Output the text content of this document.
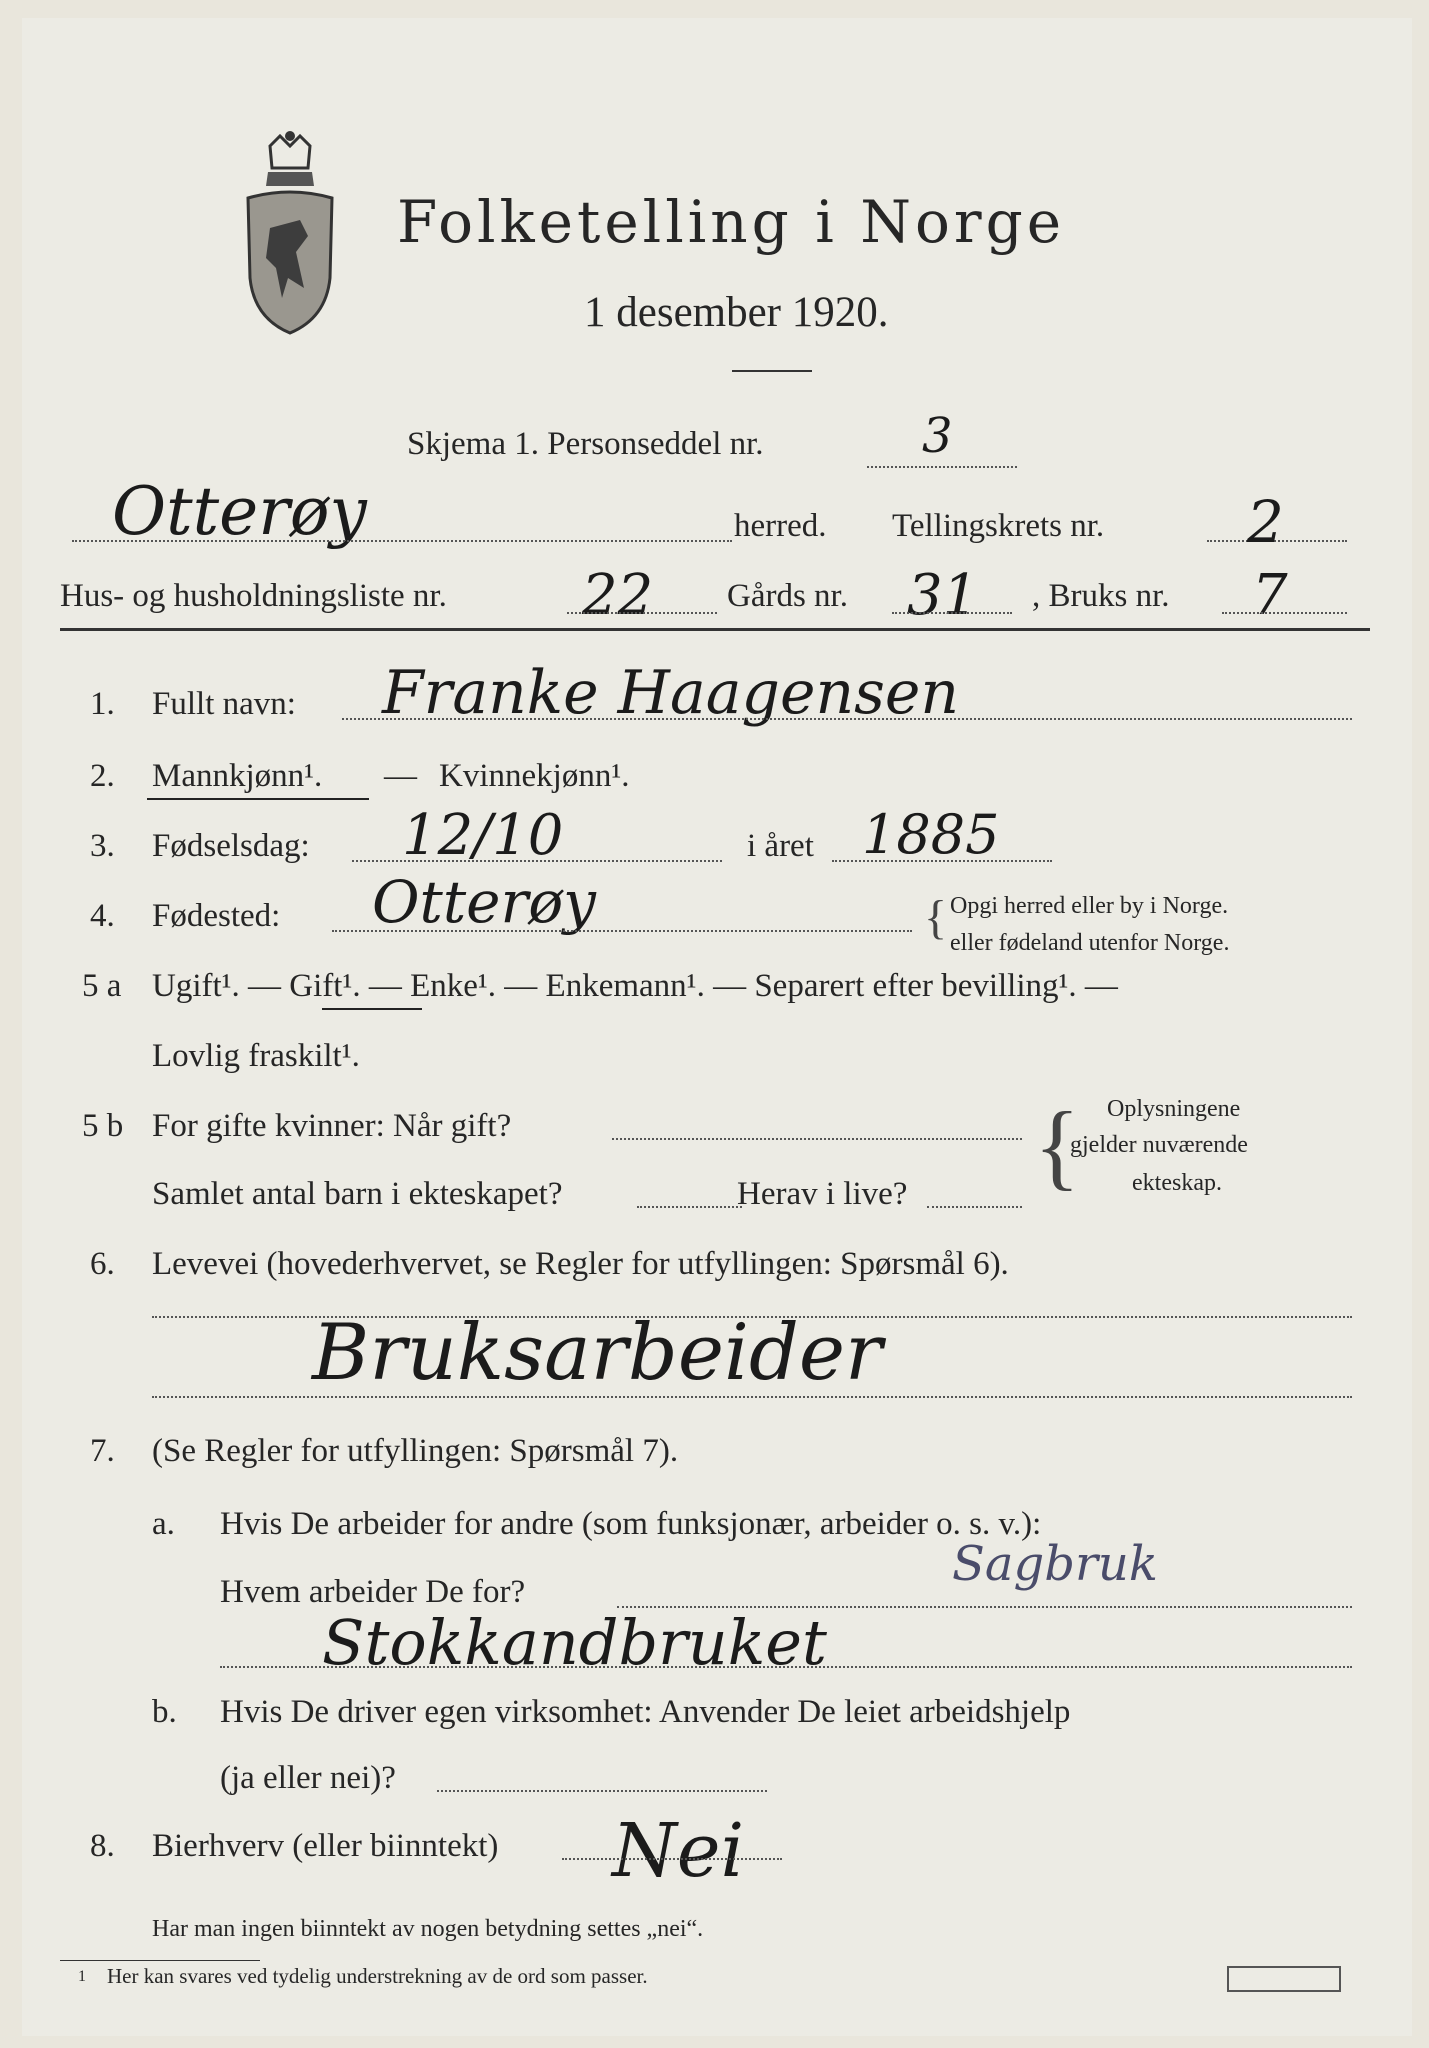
Folketelling i Norge
1 desember 1920.
Skjema 1. Personseddel nr.	3
Otterøy	herred. Tellingskrets nr. 2
Hus- og husholdningsliste nr. 22 Gårds nr. 31 , Bruks nr. 7
1. Fullt navn: Franke Haagensen
2. Mannkjønn¹. — Kvinnekjønn¹.
3. Fødselsdag: 12/10	i året 1885
4. Fødested: Otterøy	{ Opgi herred eller by i Norge.
eller fødeland utenfor Norge.
5 a Ugift¹. — Gift¹. — Enke¹. — Enkemann¹. — Separert efter bevilling¹. —
Lovlig fraskilt¹.
5 b For gifte kvinner: Når gift?
Samlet antal barn i ekteskapet?	Herav i live? { Oplysningene
gjelder nuværende
ekteskap.
6. Levevei (hovederhvervet, se Regler for utfyllingen: Spørsmål 6).
Bruksarbeider
7. (Se Regler for utfyllingen: Spørsmål 7).
a. Hvis De arbeider for andre (som funksjonær, arbeider o. s. v.):
Hvem arbeider De for?	Sagbruk
Stokkandbruket
b. Hvis De driver egen virksomhet: Anvender De leiet arbeidshjelp
(ja eller nei)?
8. Bierhverv (eller biinntekt) Nei
Har man ingen biinntekt av nogen betydning settes „nei“.
1 Her kan svares ved tydelig understrekning av de ord som passer.
